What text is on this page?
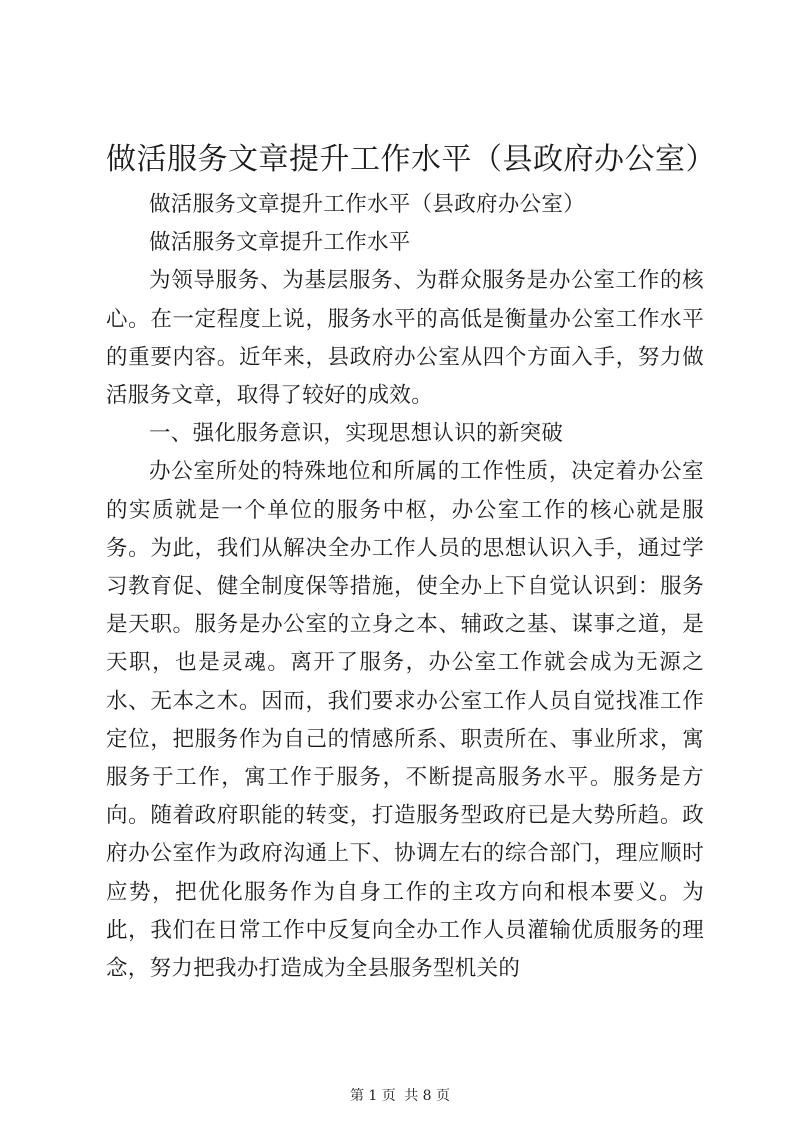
做活服务文章提升工作水平（县政府办公室）

做活服务文章提升工作水平（县政府办公室）

做活服务文章提升工作水平

为领导服务、为基层服务、为群众服务是办公室工作的核心。在一定程度上说，服务水平的高低是衡量办公室工作水平的重要内容。近年来，县政府办公室从四个方面入手，努力做活服务文章，取得了较好的成效。

一、强化服务意识，实现思想认识的新突破

办公室所处的特殊地位和所属的工作性质，决定着办公室的实质就是一个单位的服务中枢，办公室工作的核心就是服务。为此，我们从解决全办工作人员的思想认识入手，通过学习教育促、健全制度保等措施，使全办上下自觉认识到：服务是天职。服务是办公室的立身之本、辅政之基、谋事之道，是天职，也是灵魂。离开了服务，办公室工作就会成为无源之水、无本之木。因而，我们要求办公室工作人员自觉找准工作定位，把服务作为自己的情感所系、职责所在、事业所求，寓服务于工作，寓工作于服务，不断提高服务水平。服务是方向。随着政府职能的转变，打造服务型政府已是大势所趋。政府办公室作为政府沟通上下、协调左右的综合部门，理应顺时应势，把优化服务作为自身工作的主攻方向和根本要义。为此，我们在日常工作中反复向全办工作人员灌输优质服务的理念，努力把我办打造成为全县服务型机关的

第 1 页 共 8 页
